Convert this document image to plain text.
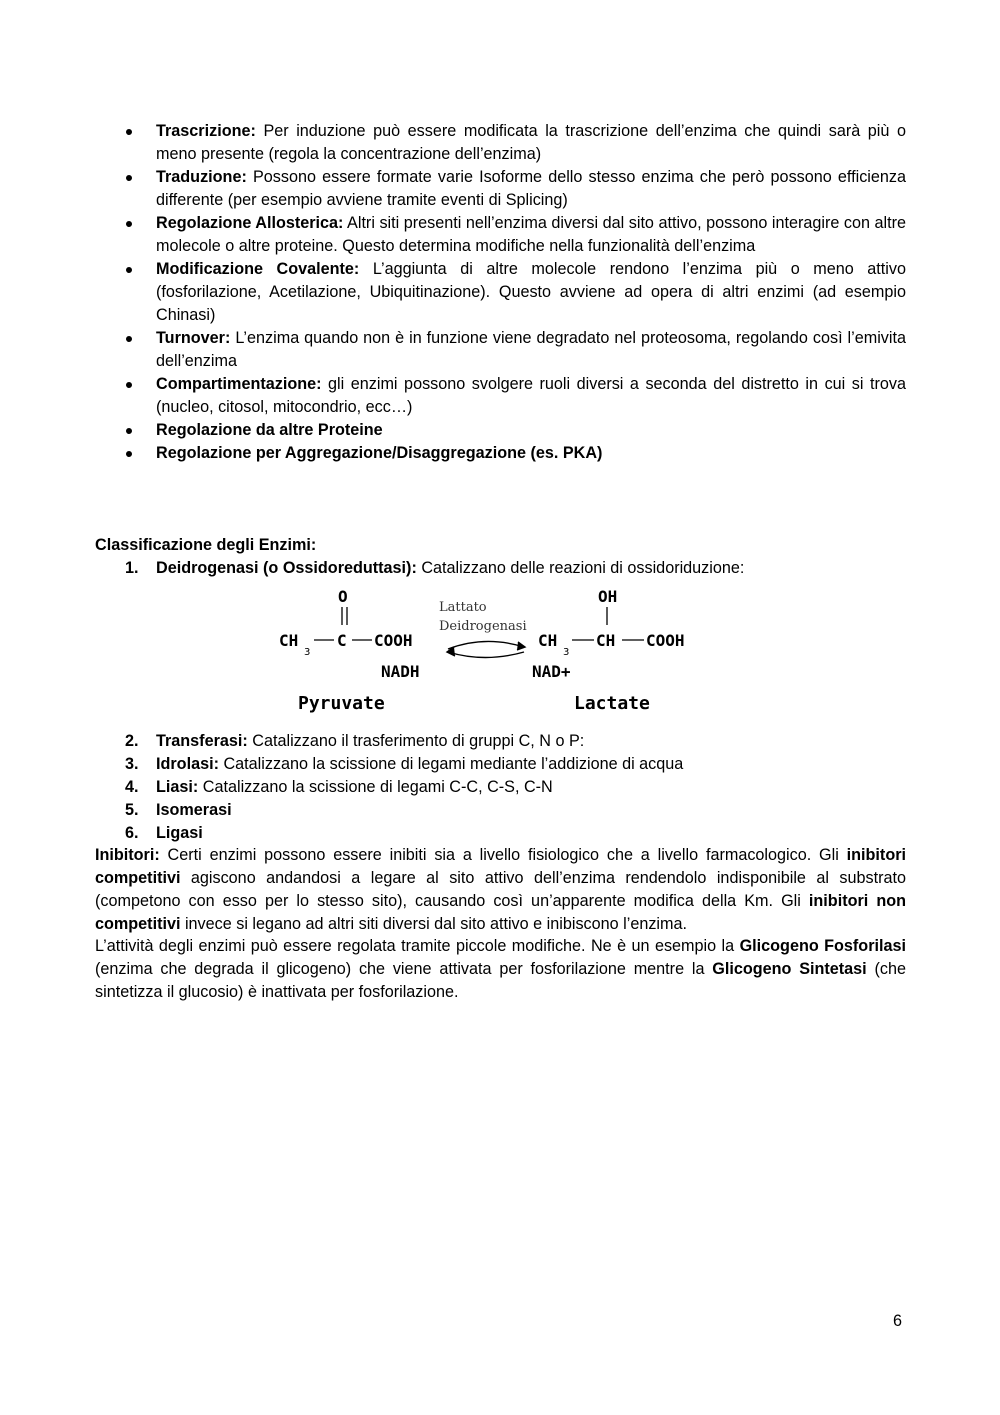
Trascrizione: Per induzione può essere modificata la trascrizione dell’enzima che quindi sarà più o meno presente (regola la concentrazione dell’enzima)
Traduzione: Possono essere formate varie Isoforme dello stesso enzima che però possono efficienza differente (per esempio avviene tramite eventi di Splicing)
Regolazione Allosterica: Altri siti presenti nell’enzima diversi dal sito attivo, possono interagire con altre molecole o altre proteine. Questo determina modifiche nella funzionalità dell’enzima
Modificazione Covalente: L’aggiunta di altre molecole rendono l’enzima più o meno attivo (fosforilazione, Acetilazione, Ubiquitinazione). Questo avviene ad opera di altri enzimi (ad esempio Chinasi)
Turnover: L’enzima quando non è in funzione viene degradato nel proteosoma, regolando così l’emivita dell’enzima
Compartimentazione: gli enzimi possono svolgere ruoli diversi a seconda del distretto in cui si trova (nucleo, citosol, mitocondrio, ecc…)
Regolazione da altre Proteine
Regolazione per Aggregazione/Disaggregazione (es. PKA)
Classificazione degli Enzimi:
1. Deidrogenasi (o Ossidoreduttasi): Catalizzano delle reazioni di ossidoriduzione:
O
CH
3
C COOH
NADH
Pyruvate
OH
CH
3
CH COOH
NAD+
Lactate
Lattato
Deidrogenasi
2. Transferasi: Catalizzano il trasferimento di gruppi C, N o P:
3. Idrolasi: Catalizzano la scissione di legami mediante l’addizione di acqua
4. Liasi: Catalizzano la scissione di legami C-C, C-S, C-N
5. Isomerasi
6. Ligasi

Inibitori: Certi enzimi possono essere inibiti sia a livello fisiologico che a livello farmacologico. Gli inibitori competitivi agiscono andandosi a legare al sito attivo dell’enzima rendendolo indisponibile al substrato (competono con esso per lo stesso sito), causando così un’apparente modifica della Km. Gli inibitori non competitivi invece si legano ad altri siti diversi dal sito attivo e inibiscono l’enzima.

L’attività degli enzimi può essere regolata tramite piccole modifiche. Ne è un esempio la Glicogeno Fosforilasi (enzima che degrada il glicogeno) che viene attivata per fosforilazione mentre la Glicogeno Sintetasi (che sintetizza il glucosio) è inattivata per fosforilazione.

6
